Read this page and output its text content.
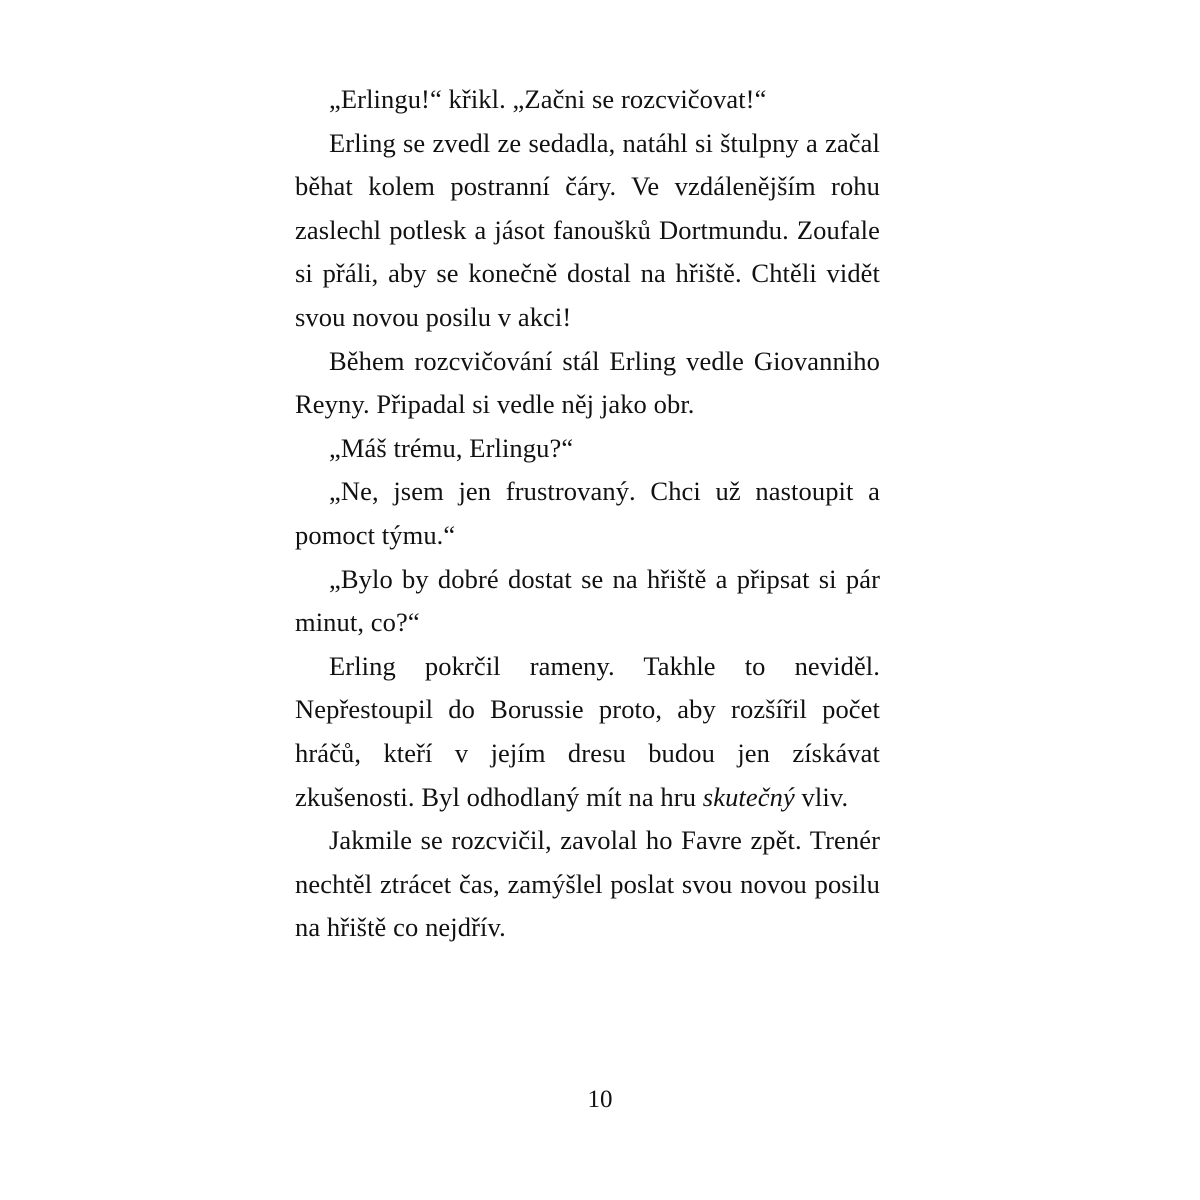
„Erlingu!“ křikl. „Začni se rozcvičovat!“

Erling se zvedl ze sedadla, natáhl si štulpny a začal běhat kolem postranní čáry. Ve vzdálenějším rohu zaslechl potlesk a jásot fanoušků Dortmundu. Zoufale si přáli, aby se konečně dostal na hřiště. Chtěli vidět svou novou posilu v akci!

Během rozcvičování stál Erling vedle Giovanniho Reyny. Připadal si vedle něj jako obr.

„Máš trému, Erlingu?“

„Ne, jsem jen frustrovaný. Chci už nastoupit a pomoct týmu.“

„Bylo by dobré dostat se na hřiště a připsat si pár minut, co?“

Erling pokrčil rameny. Takhle to neviděl. Nepřestoupil do Borussie proto, aby rozšířil počet hráčů, kteří v jejím dresu budou jen získávat zkušenosti. Byl odhodlaný mít na hru skutečný vliv.

Jakmile se rozcvičil, zavolal ho Favre zpět. Trenér nechtěl ztrácet čas, zamýšlel poslat svou novou posilu na hřiště co nejdřív.

10
